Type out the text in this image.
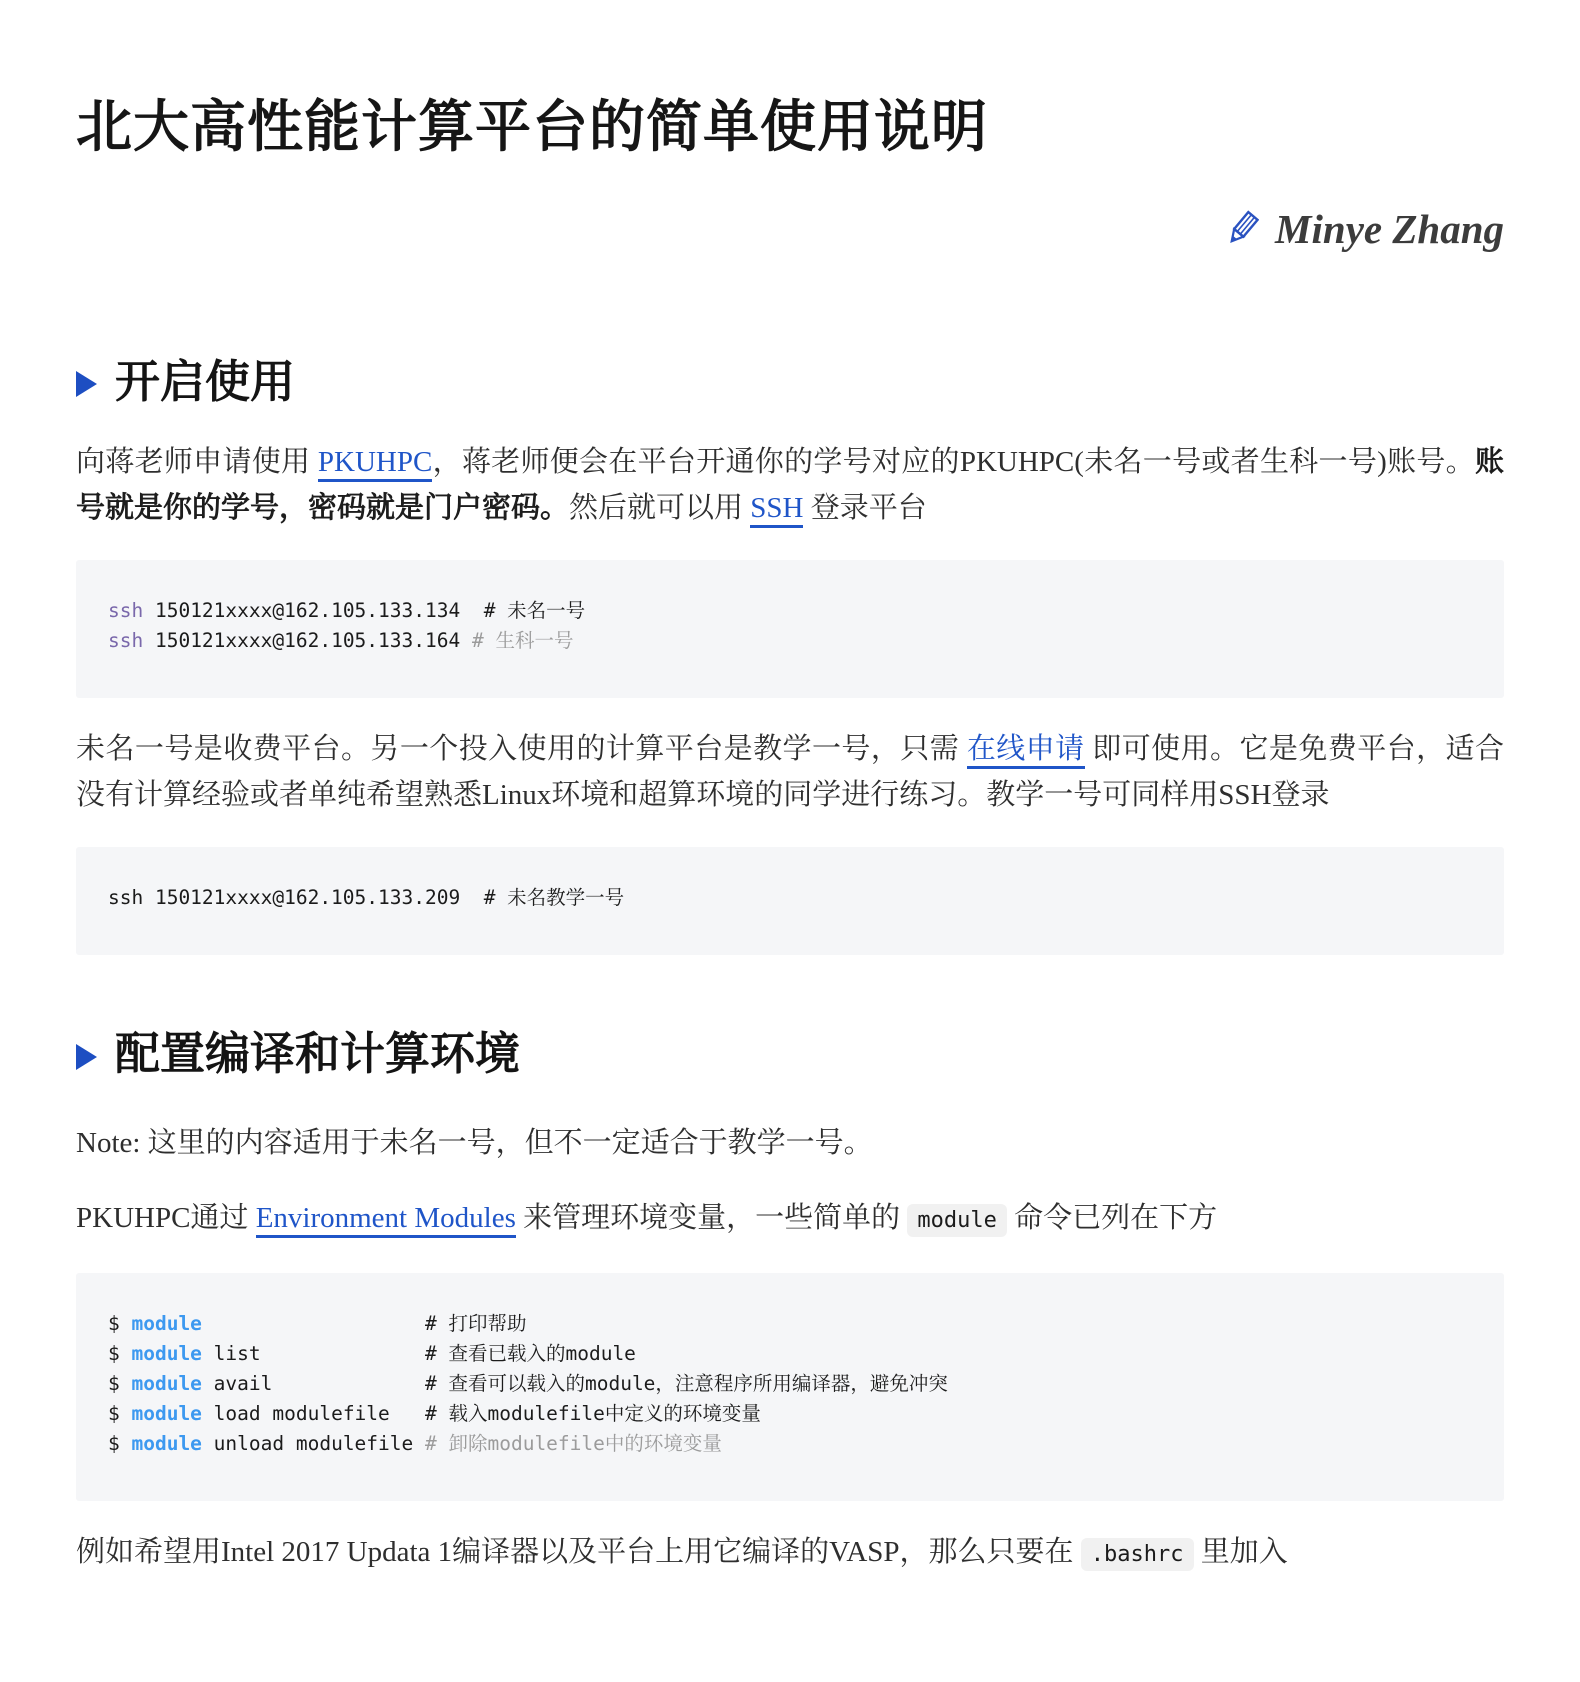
北大高性能计算平台的简单使用说明
Minye Zhang
开启使用

向蒋老师申请使用 PKUHPC，蒋老师便会在平台开通你的学号对应的PKUHPC(未名一号或者生科一号)账号。账号就是你的学号，密码就是门户密码。然后就可以用 SSH 登录平台

ssh 150121xxxx@162.105.133.134  # 未名一号
ssh 150121xxxx@162.105.133.164 # 生科一号

未名一号是收费平台。另一个投入使用的计算平台是教学一号，只需 在线申请 即可使用。它是免费平台，适合没有计算经验或者单纯希望熟悉Linux环境和超算环境的同学进行练习。教学一号可同样用SSH登录

ssh 150121xxxx@162.105.133.209  # 未名教学一号
配置编译和计算环境

Note: 这里的内容适用于未名一号，但不一定适合于教学一号。

PKUHPC通过 Environment Modules 来管理环境变量，一些简单的 module 命令已列在下方

$ module	# 打印帮助
$ module list              # 查看已载入的module
$ module avail             # 查看可以载入的module，注意程序所用编译器，避免冲突
$ module load modulefile   # 载入modulefile中定义的环境变量
$ module unload modulefile # 卸除modulefile中的环境变量

例如希望用Intel 2017 Updata 1编译器以及平台上用它编译的VASP，那么只要在 .bashrc 里加入
